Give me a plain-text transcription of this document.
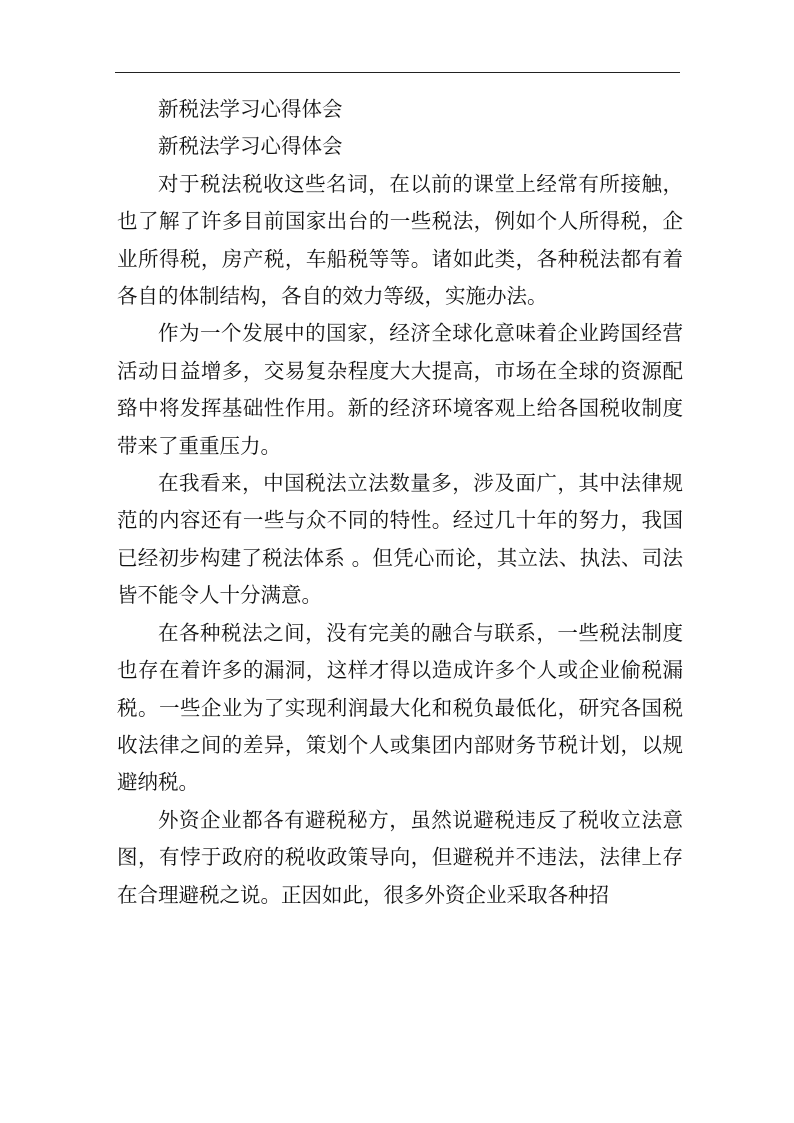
新税法学习心得体会

新税法学习心得体会

对于税法税收这些名词，在以前的课堂上经常有所接触，也了解了许多目前国家出台的一些税法，例如个人所得税，企业所得税，房产税，车船税等等。诸如此类，各种税法都有着各自的体制结构，各自的效力等级，实施办法。

作为一个发展中的国家，经济全球化意味着企业跨国经营活动日益增多，交易复杂程度大大提高，市场在全球的资源配臵中将发挥基础性作用。新的经济环境客观上给各国税收制度带来了重重压力。

在我看来，中国税法立法数量多，涉及面广，其中法律规范的内容还有一些与众不同的特性。经过几十年的努力，我国已经初步构建了税法体系 。但凭心而论，其立法、执法、司法皆不能令人十分满意。

在各种税法之间，没有完美的融合与联系，一些税法制度也存在着许多的漏洞，这样才得以造成许多个人或企业偷税漏税。一些企业为了实现利润最大化和税负最低化，研究各国税收法律之间的差异，策划个人或集团内部财务节税计划，以规避纳税。

外资企业都各有避税秘方，虽然说避税违反了税收立法意图，有悖于政府的税收政策导向，但避税并不违法，法律上存在合理避税之说。正因如此，很多外资企业采取各种招
